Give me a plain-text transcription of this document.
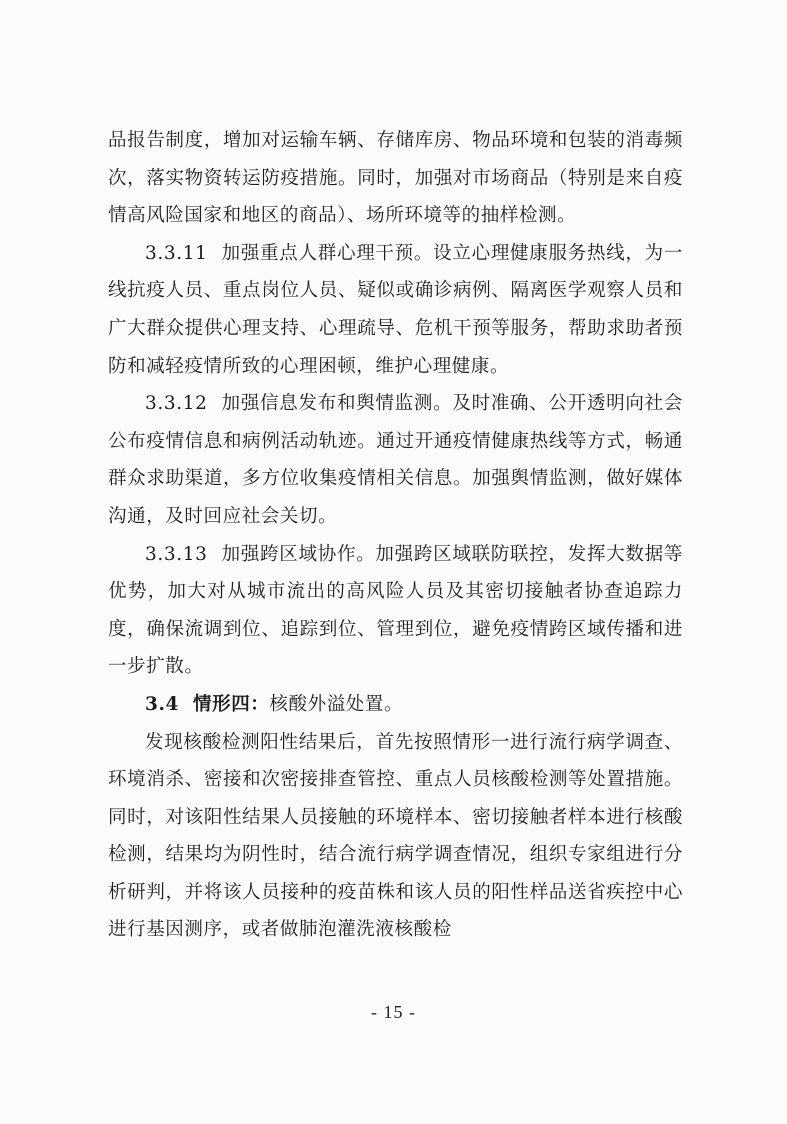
品报告制度，增加对运输车辆、存储库房、物品环境和包装的消毒频次，落实物资转运防疫措施。同时，加强对市场商品（特别是来自疫情高风险国家和地区的商品）、场所环境等的抽样检测。

3.3.11 加强重点人群心理干预。设立心理健康服务热线，为一线抗疫人员、重点岗位人员、疑似或确诊病例、隔离医学观察人员和广大群众提供心理支持、心理疏导、危机干预等服务，帮助求助者预防和减轻疫情所致的心理困顿，维护心理健康。

3.3.12 加强信息发布和舆情监测。及时准确、公开透明向社会公布疫情信息和病例活动轨迹。通过开通疫情健康热线等方式，畅通群众求助渠道，多方位收集疫情相关信息。加强舆情监测，做好媒体沟通，及时回应社会关切。

3.3.13 加强跨区域协作。加强跨区域联防联控，发挥大数据等优势，加大对从城市流出的高风险人员及其密切接触者协查追踪力度，确保流调到位、追踪到位、管理到位，避免疫情跨区域传播和进一步扩散。

3.4 情形四：核酸外溢处置。

发现核酸检测阳性结果后，首先按照情形一进行流行病学调查、环境消杀、密接和次密接排查管控、重点人员核酸检测等处置措施。同时，对该阳性结果人员接触的环境样本、密切接触者样本进行核酸检测，结果均为阴性时，结合流行病学调查情况，组织专家组进行分析研判，并将该人员接种的疫苗株和该人员的阳性样品送省疾控中心进行基因测序，或者做肺泡灌洗液核酸检

- 15 -
